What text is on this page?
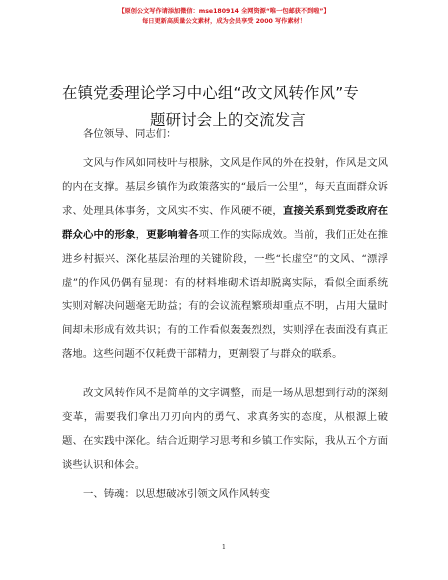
【原创公文写作请添加微信：mse180914 全网资源“唯一包邮获不到啦”】
每日更新高质量公文素材，成为会员享受 2000 写作素材！
在镇党委理论学习中心组“改文风转作风”专
题研讨会上的交流发言

各位领导、同志们：

文风与作风如同枝叶与根脉，文风是作风的外在投射，作风是文风的内在支撑。基层乡镇作为政策落实的“最后一公里”，每天直面群众诉求、处理具体事务，文风实不实、作风硬不硬，直接关系到党委政府在群众心中的形象，更影响着各项工作的实际成效。当前，我们正处在推进乡村振兴、深化基层治理的关键阶段，一些“长虚空”的文风、“漂浮虚”的作风仍偶有显现：有的材料堆砌术语却脱离实际，看似全面系统实则对解决问题毫无助益；有的会议流程繁琐却重点不明，占用大量时间却未形成有效共识；有的工作看似轰轰烈烈，实则浮在表面没有真正落地。这些问题不仅耗费干部精力，更割裂了与群众的联系。

改文风转作风不是简单的文字调整，而是一场从思想到行动的深刻变革，需要我们拿出刀刃向内的勇气、求真务实的态度，从根源上破题、在实践中深化。结合近期学习思考和乡镇工作实际，我从五个方面谈些认识和体会。

一、铸魂：以思想破冰引领文风作风转变

1
